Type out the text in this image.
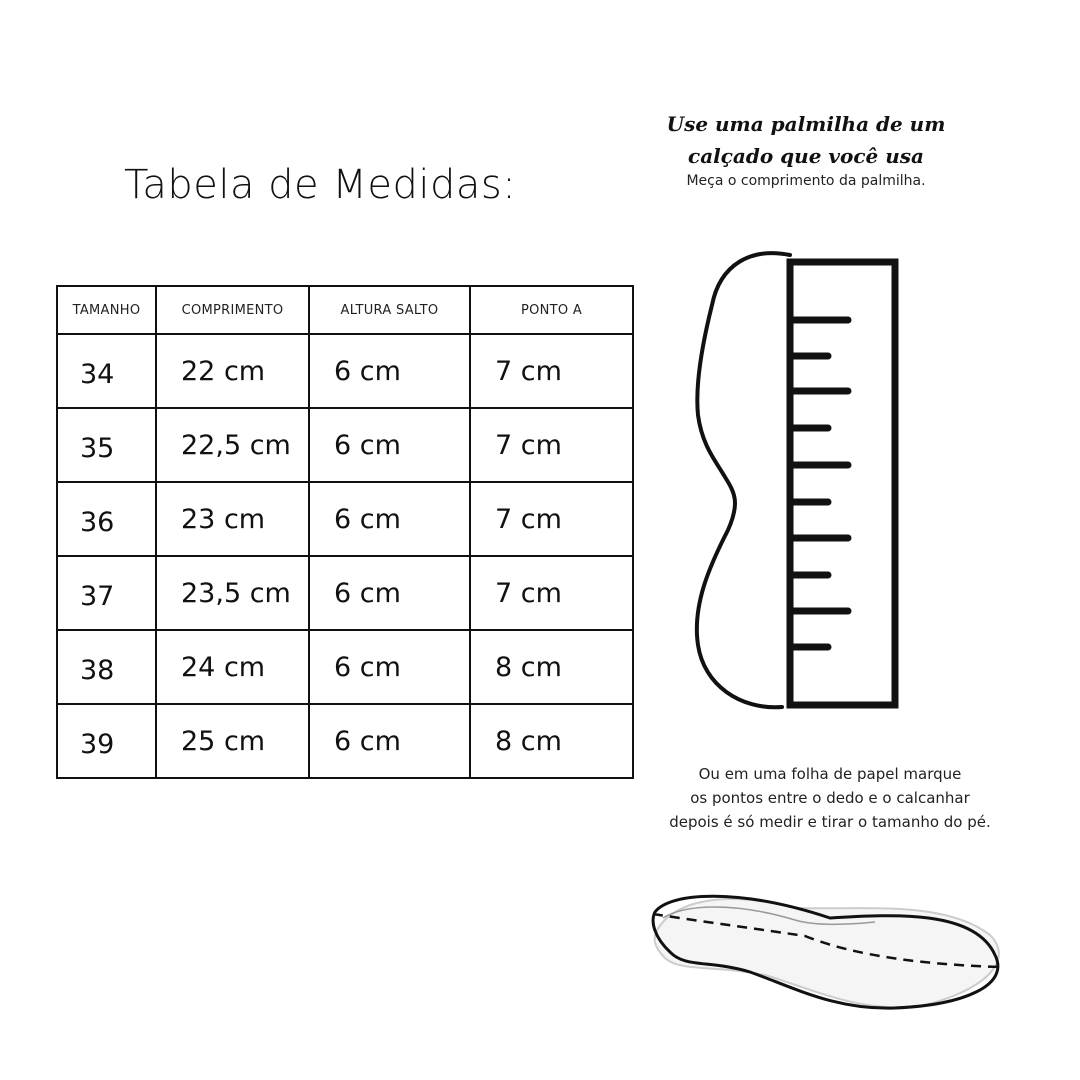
Tabela de Medidas:
TAMANHO	COMPRIMENTO	ALTURA SALTO	PONTO A
34	22 cm	6 cm	7 cm
35	22,5 cm	6 cm	7 cm
36	23 cm	6 cm	7 cm
37	23,5 cm	6 cm	7 cm
38	24 cm	6 cm	8 cm
39	25 cm	6 cm	8 cm
Use uma palmilha de um
calçado que você usa
Meça o comprimento da palmilha.
Ou em uma folha de papel marque
os pontos entre o dedo e o calcanhar
depois é só medir e tirar o tamanho do pé.
